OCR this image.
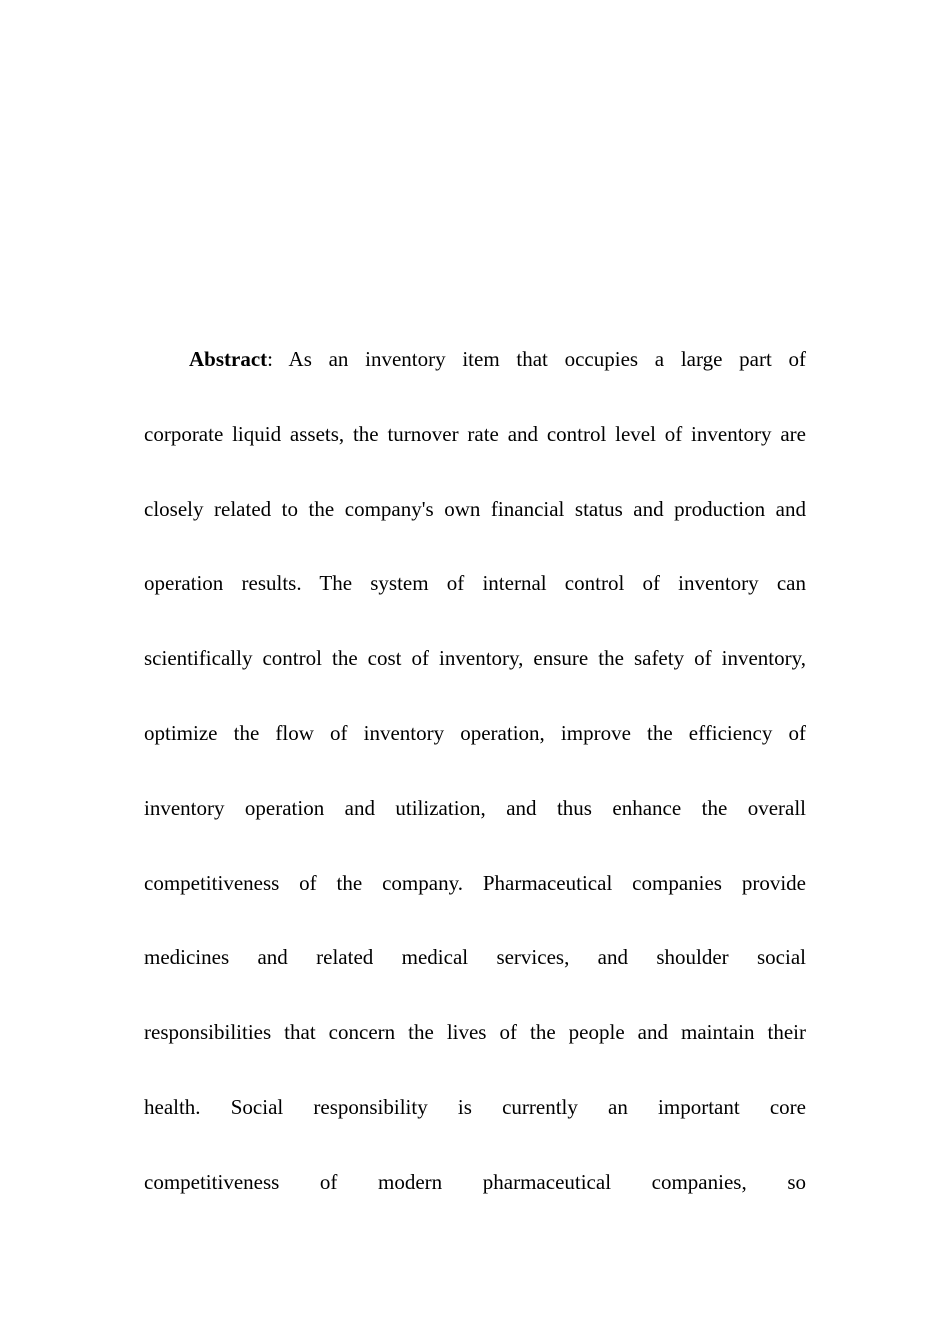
Abstract: As an inventory item that occupies a large part of
corporate liquid assets, the turnover rate and control level of inventory are
closely related to the company's own financial status and production and
operation results. The system of internal control of inventory can
scientifically control the cost of inventory, ensure the safety of inventory,
optimize the flow of inventory operation, improve the efficiency of
inventory operation and utilization, and thus enhance the overall
competitiveness of the company. Pharmaceutical companies provide
medicines and related medical services, and shoulder social
responsibilities that concern the lives of the people and maintain their
health. Social responsibility is currently an important core
competitiveness of modern pharmaceutical companies, so
